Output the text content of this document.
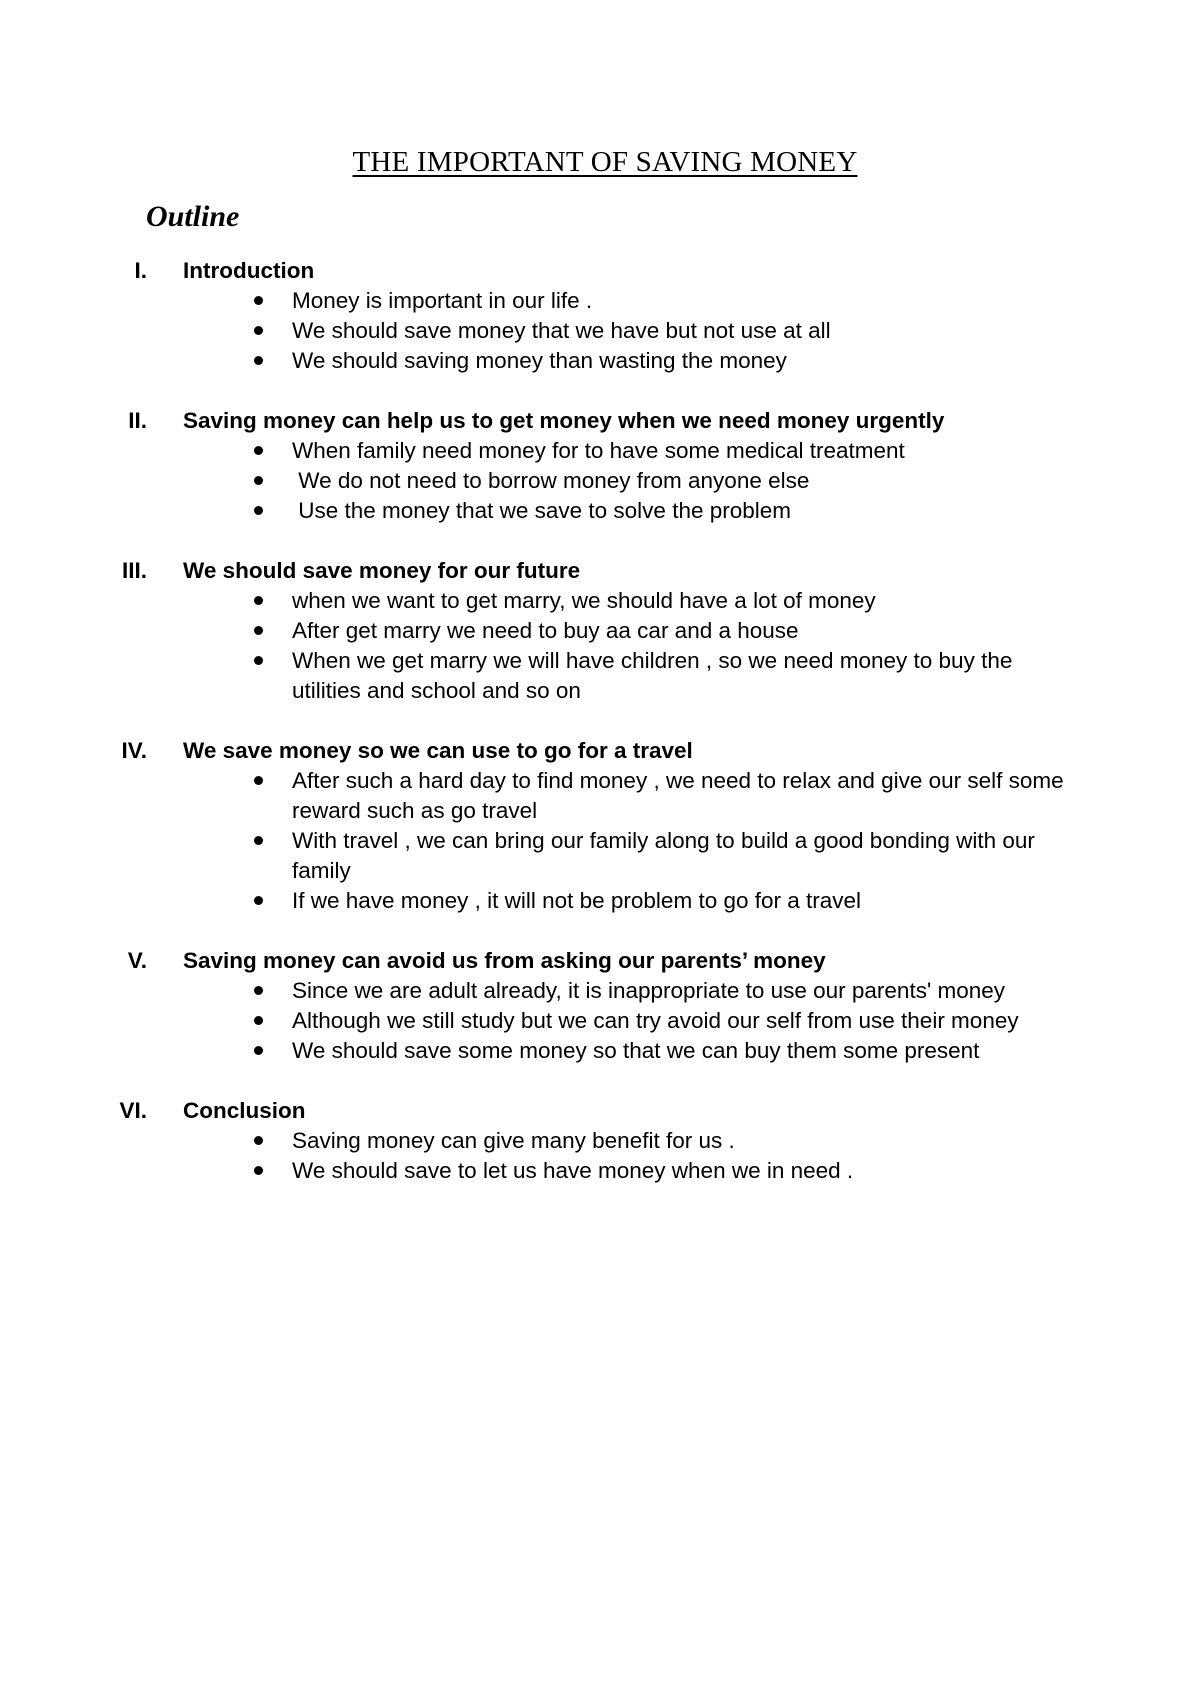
THE IMPORTANT OF SAVING MONEY
Outline
I.	Introduction
Money is important in our life .
We should save money that we have but not use at all
We should saving money than wasting the money
II.	Saving money can help us to get money when we need money urgently
When family need money for to have some medical treatment
We do not need to borrow money from anyone else
Use the money that we save to solve the problem
III.	We should save money for our future
when we want to get marry, we should have a lot of money
After get marry we need to buy aa car and a house
When we get marry we will have children , so we need money to buy the utilities and school and so on
IV.	We save money so we can use to go for a travel
After such a hard day to find money , we need to relax and give our self some reward such as go travel
With travel , we can bring our family along to build a good bonding with our family
If we have money , it will not be problem to go for a travel
V.	Saving money can avoid us from asking our parents’ money
Since we are adult already, it is inappropriate to use our parents' money
Although we still study but we can try avoid our self from use their money
We should save some money so that we can buy them some present
VI.	Conclusion
Saving money can give many benefit for us .
We should save to let us have money when we in need .
